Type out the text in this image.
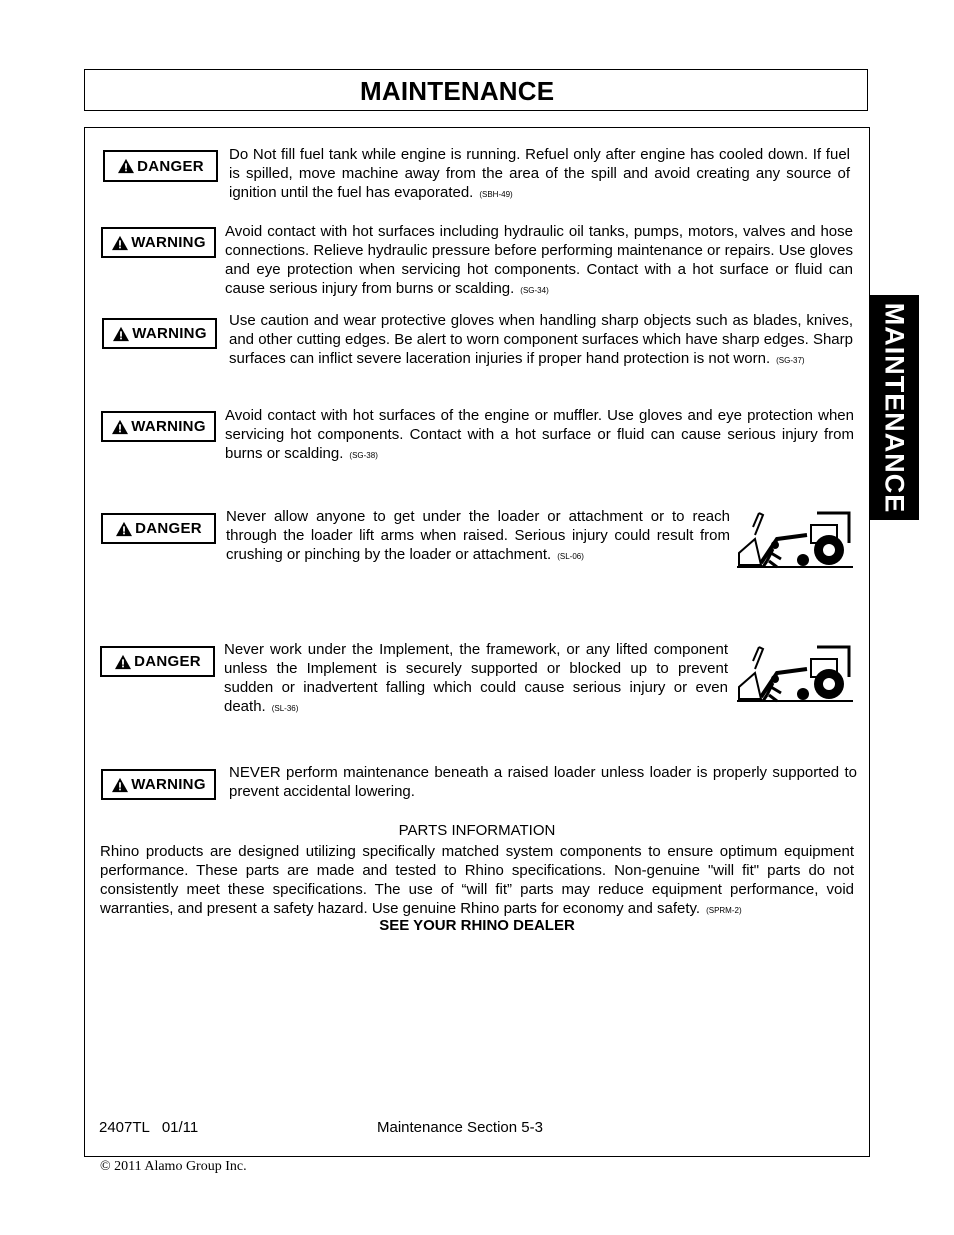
MAINTENANCE
MAINTENANCE
DANGER
Do Not fill fuel tank while engine is running. Refuel only after engine has cooled down. If fuel is spilled, move machine away from the area of the spill and avoid creating any source of ignition until the fuel has evaporated. (SBH-49)
WARNING
Avoid contact with hot surfaces including hydraulic oil tanks, pumps, motors, valves and hose connections. Relieve hydraulic pressure before performing maintenance or repairs. Use gloves and eye protection when servicing hot components. Contact with a hot surface or fluid can cause serious injury from burns or scalding. (SG-34)
WARNING
Use caution and wear protective gloves when handling sharp objects such as blades, knives, and other cutting edges. Be alert to worn component surfaces which have sharp edges. Sharp surfaces can inflict severe laceration injuries if proper hand protection is not worn. (SG-37)
WARNING
Avoid contact with hot surfaces of the engine or muffler. Use gloves and eye protection when servicing hot components. Contact with a hot surface or fluid can cause serious injury from burns or scalding. (SG-38)
DANGER
Never allow anyone to get under the loader or attachment or to reach through the loader lift arms when raised. Serious injury could result from crushing or pinching by the loader or attachment. (SL-06)
DANGER
Never work under the Implement, the framework, or any lifted component unless the Implement is securely supported or blocked up to prevent sudden or inadvertent falling which could cause serious injury or even death. (SL-36)
WARNING
NEVER perform maintenance beneath a raised loader unless loader is properly supported to prevent accidental lowering.
PARTS INFORMATION
Rhino products are designed utilizing specifically matched system components to ensure optimum equipment performance. These parts are made and tested to Rhino specifications. Non-genuine "will fit" parts do not consistently meet these specifications. The use of “will fit” parts may reduce equipment performance, void warranties, and present a safety hazard. Use genuine Rhino parts for economy and safety. (SPRM-2)
SEE YOUR RHINO DEALER
2407TL   01/11	Maintenance Section 5-3
© 2011 Alamo Group Inc.
